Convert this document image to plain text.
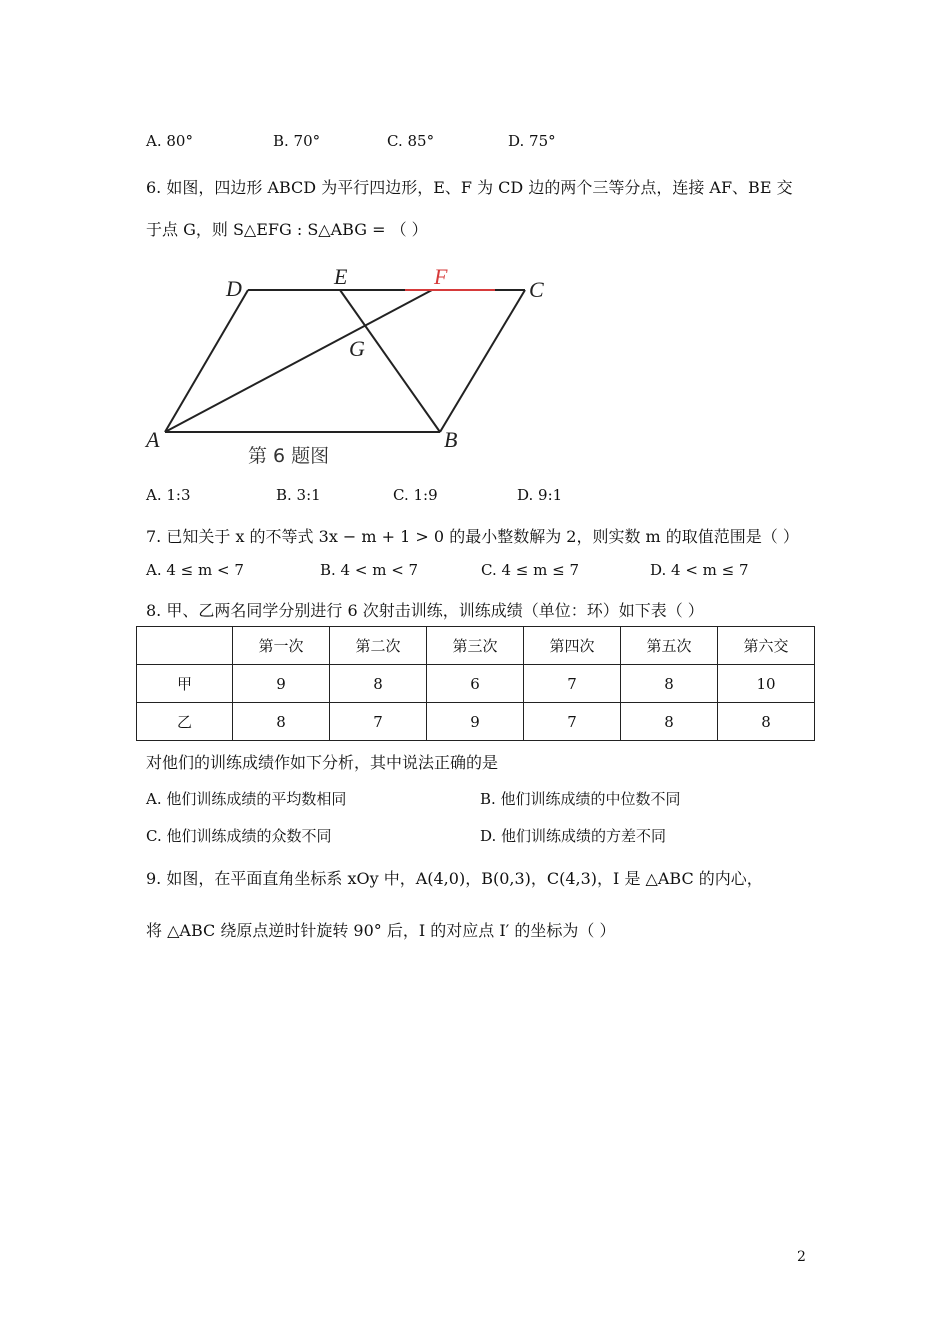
A. 80°	B. 70°	C. 85°	D. 75°
6. 如图，四边形 ABCD 为平行四边形，E、F 为 CD 边的两个三等分点，连接 AF、BE 交
于点 G，则 S△EFG : S△ABG = （ ）
D	E	F
C
G
A	B
第 6 题图
A. 1:3	B. 3:1	C. 1:9	D. 9:1
7. 已知关于 x 的不等式 3x − m + 1 > 0 的最小整数解为 2，则实数 m 的取值范围是（ ）
A. 4 ≤ m < 7	B. 4 < m < 7	C. 4 ≤ m ≤ 7	D. 4 < m ≤ 7
8. 甲、乙两名同学分别进行 6 次射击训练，训练成绩（单位：环）如下表（ ）
	第一次	第二次	第三次	第四次	第五次	第六交
甲	9	8	6	7	8	10
乙	8	7	9	7	8	8
对他们的训练成绩作如下分析，其中说法正确的是
A. 他们训练成绩的平均数相同	B. 他们训练成绩的中位数不同
C. 他们训练成绩的众数不同	D. 他们训练成绩的方差不同
9. 如图，在平面直角坐标系 xOy 中，A(4,0)，B(0,3)，C(4,3)，I 是 △ABC 的内心，
将 △ABC 绕原点逆时针旋转 90° 后，I 的对应点 I′ 的坐标为（ ）
2
